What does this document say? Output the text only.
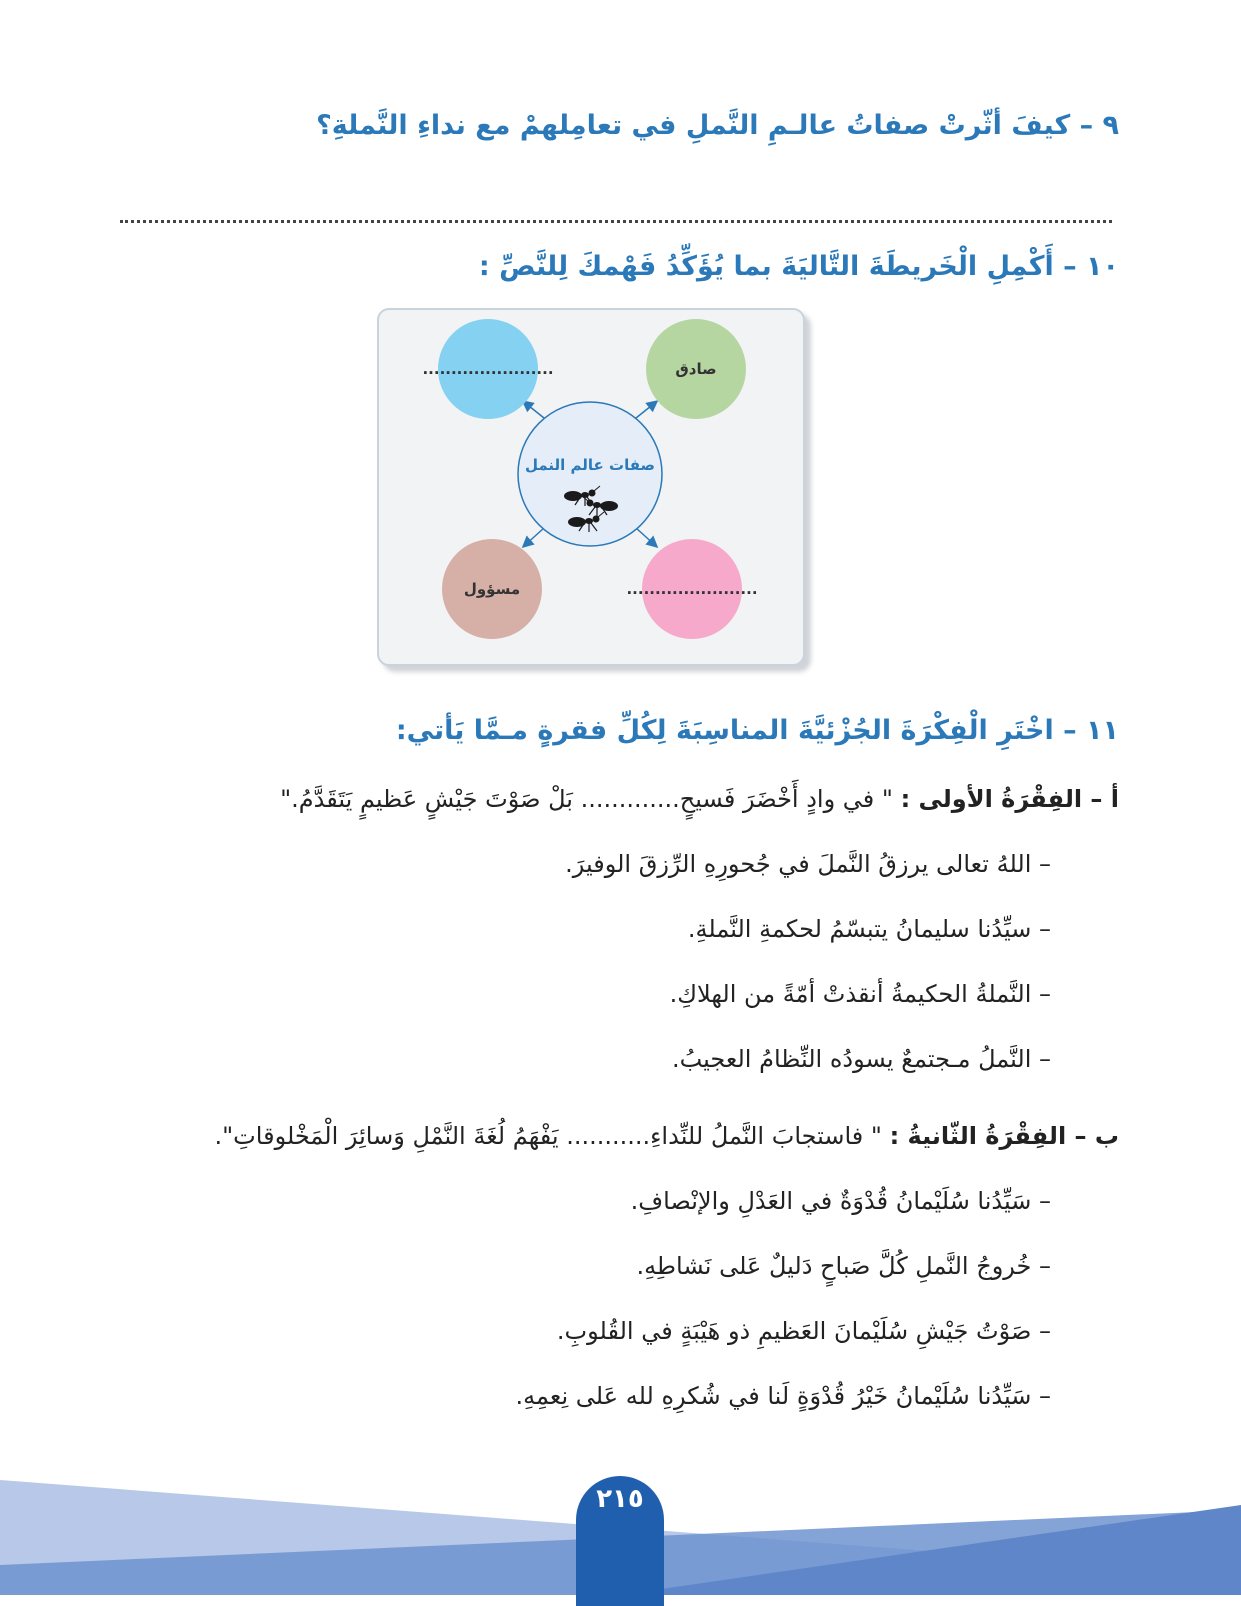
٩ – كيفَ أثّرتْ صفاتُ عالـمِ النَّملِ في تعامِلهمْ مع نداءِ النَّملةِ؟
١٠ – أَكْمِلِ الْخَريطَةَ التَّاليَةَ بما يُؤَكِّدُ فَهْمكَ لِلنَّصِّ :
.......................	صادق
مسؤول	.......................
صفات عالم النمل
١١ – اخْتَرِ الْفِكْرَةَ الجُزْئيَّةَ المناسِبَةَ لِكُلِّ فقرةٍ مـمَّا يَأتي:
أ – الفِقْرَةُ الأولى : " في وادٍ أَخْضَرَ فَسيحٍ............. بَلْ صَوْتَ جَيْشٍ عَظيمٍ يَتَقَدَّمُ."
– اللهُ تعالى يرزقُ النَّملَ في جُحورِهِ الرِّزقَ الوفيرَ.
– سيِّدُنا سليمانُ يتبسّمُ لحكمةِ النَّملةِ.
– النَّملةُ الحكيمةُ أنقذتْ أمّةً من الهلاكِ.
– النَّملُ مـجتمعٌ يسودُه النِّظامُ العجيبُ.
ب – الفِقْرَةُ الثّانيةُ : " فاستجابَ النَّملُ للنِّداءِ........... يَفْهَمُ لُغَةَ النَّمْلِ وَسائِرَ الْمَخْلوقاتِ".
– سَيِّدُنا سُلَيْمانُ قُدْوَةٌ في العَدْلِ والإنْصافِ.
– خُروجُ النَّملِ كُلَّ صَباحٍ دَليلٌ عَلى نَشاطِهِ.
– صَوْتُ جَيْشِ سُلَيْمانَ العَظيمِ ذو هَيْبَةٍ في القُلوبِ.
– سَيِّدُنا سُلَيْمانُ خَيْرُ قُدْوَةٍ لَنا في شُكرِهِ لله عَلى نِعمِهِ.
٢١٥
